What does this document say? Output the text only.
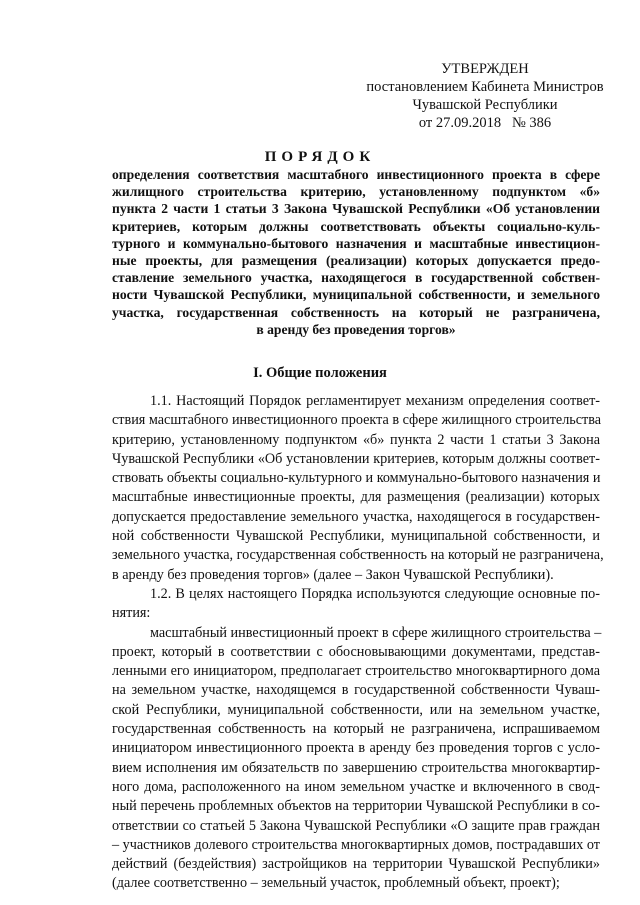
УТВЕРЖДЕН
постановлением Кабинета Министров
Чувашской Республики
от 27.09.2018   № 386
ПОРЯДОК
определения соответствия масштабного инвестиционного проекта в сфере
жилищного строительства критерию, установленному подпунктом «б»
пункта 2 части 1 статьи 3 Закона Чувашской Республики «Об установлении
критериев, которым должны соответствовать объекты социально-куль-
турного и коммунально-бытового назначения и масштабные инвестицион-
ные проекты, для размещения (реализации) которых допускается предо-
ставление земельного участка, находящегося в государственной собствен-
ности Чувашской Республики, муниципальной собственности, и земельного
участка, государственная собственность на который не разграничена,
в аренду без проведения торгов»
I. Общие положения
1.1. Настоящий Порядок регламентирует механизм определения соответ-
ствия масштабного инвестиционного проекта в сфере жилищного строительства
критерию, установленному подпунктом «б» пункта 2 части 1 статьи 3 Закона
Чувашской Республики «Об установлении критериев, которым должны соответ-
ствовать объекты социально-культурного и коммунально-бытового назначения и
масштабные инвестиционные проекты, для размещения (реализации) которых
допускается предоставление земельного участка, находящегося в государствен-
ной собственности Чувашской Республики, муниципальной собственности, и
земельного участка, государственная собственность на который не разграничена,
в аренду без проведения торгов» (далее – Закон Чувашской Республики).
1.2. В целях настоящего Порядка используются следующие основные по-
нятия:
масштабный инвестиционный проект в сфере жилищного строительства –
проект, который в соответствии с обосновывающими документами, представ-
ленными его инициатором, предполагает строительство многоквартирного дома
на земельном участке, находящемся в государственной собственности Чуваш-
ской Республики, муниципальной собственности, или на земельном участке,
государственная собственность на который не разграничена, испрашиваемом
инициатором инвестиционного проекта в аренду без проведения торгов с усло-
вием исполнения им обязательств по завершению строительства многоквартир-
ного дома, расположенного на ином земельном участке и включенного в свод-
ный перечень проблемных объектов на территории Чувашской Республики в со-
ответствии со статьей 5 Закона Чувашской Республики «О защите прав граждан
– участников долевого строительства многоквартирных домов, пострадавших от
действий (бездействия) застройщиков на территории Чувашской Республики»
(далее соответственно – земельный участок, проблемный объект, проект);
